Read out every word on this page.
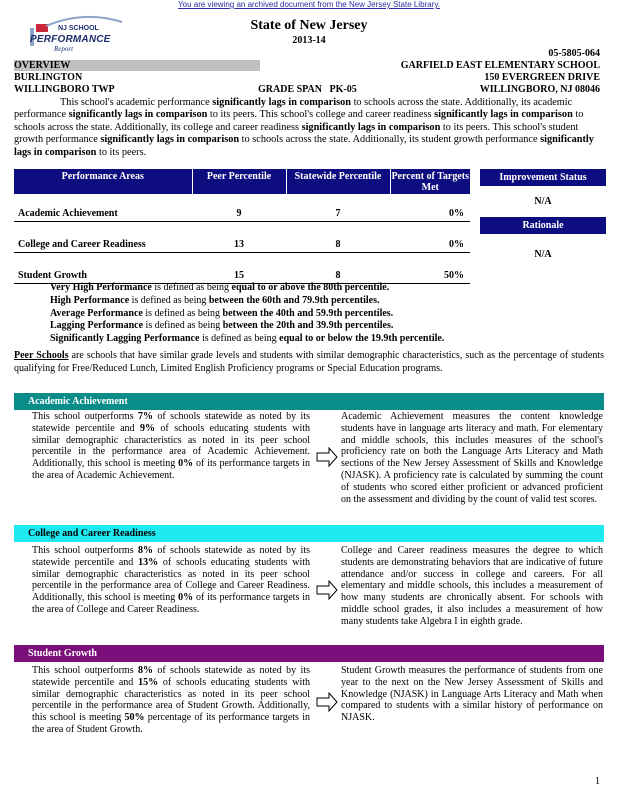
You are viewing an archived document from the New Jersey State Library.
NJ SCHOOL
PERFORMANCE
Report
State of New Jersey
2013-14
05-5805-064
OVERVIEW	GARFIELD EAST ELEMENTARY SCHOOL
BURLINGTON	150 EVERGREEN DRIVE
WILLINGBORO TWP	GRADE SPAN PK-05	WILLINGBORO, NJ 08046

This school's academic performance significantly lags in comparison to schools across the state. Additionally, its academic performance significantly lags in comparison to its peers. This school's college and career readiness significantly lags in comparison to schools across the state. Additionally, its college and career readiness significantly lags in comparison to its peers. This school's student growth performance significantly lags in comparison to schools across the state. Additionally, its student growth performance significantly lags in comparison to its peers.

Performance Areas	Peer Percentile	Statewide Percentile	Percent of Targets Met
Academic Achievement	9	7	0%
College and Career Readiness	13	8	0%
Student Growth	15	8	50%
Improvement Status
N/A
Rationale
N/A
Very High Performance is defined as being equal to or above the 80th percentile.
High Performance is defined as being between the 60th and 79.9th percentiles.
Average Performance is defined as being between the 40th and 59.9th percentiles.
Lagging Performance is defined as being between the 20th and 39.9th percentiles.
Significantly Lagging Performance is defined as being equal to or below the 19.9th percentile.

Peer Schools are schools that have similar grade levels and students with similar demographic characteristics, such as the percentage of students qualifying for Free/Reduced Lunch, Limited English Proficiency programs or Special Education programs.

Academic Achievement

This school outperforms 7% of schools statewide as noted by its statewide percentile and 9% of schools educating students with similar demographic characteristics as noted in its peer school percentile in the performance area of Academic Achievement. Additionally, this school is meeting 0% of its performance targets in the area of Academic Achievement.

Academic Achievement measures the content knowledge students have in language arts literacy and math. For elementary and middle schools, this includes measures of the school's proficiency rate on both the Language Arts Literacy and Math sections of the New Jersey Assessment of Skills and Knowledge (NJASK). A proficiency rate is calculated by summing the count of students who scored either proficient or advanced proficient on the assessment and dividing by the count of valid test scores.

College and Career Readiness

This school outperforms 8% of schools statewide as noted by its statewide percentile and 13% of schools educating students with similar demographic characteristics as noted in its peer school percentile in the performance area of College and Career Readiness. Additionally, this school is meeting 0% of its performance targets in the area of College and Career Readiness.

College and Career readiness measures the degree to which students are demonstrating behaviors that are indicative of future attendance and/or success in college and careers. For all elementary and middle schools, this includes a measurement of how many students are chronically absent. For schools with middle school grades, it also includes a measurement of how many students take Algebra I in eighth grade.

Student Growth

This school outperforms 8% of schools statewide as noted by its statewide percentile and 15% of schools educating students with similar demographic characteristics as noted in its peer school percentile in the performance area of Student Growth. Additionally, this school is meeting 50% percentage of its performance targets in the area of Student Growth.

Student Growth measures the performance of students from one year to the next on the New Jersey Assessment of Skills and Knowledge (NJASK) in Language Arts Literacy and Math when compared to students with a similar history of performance on NJASK.

1
